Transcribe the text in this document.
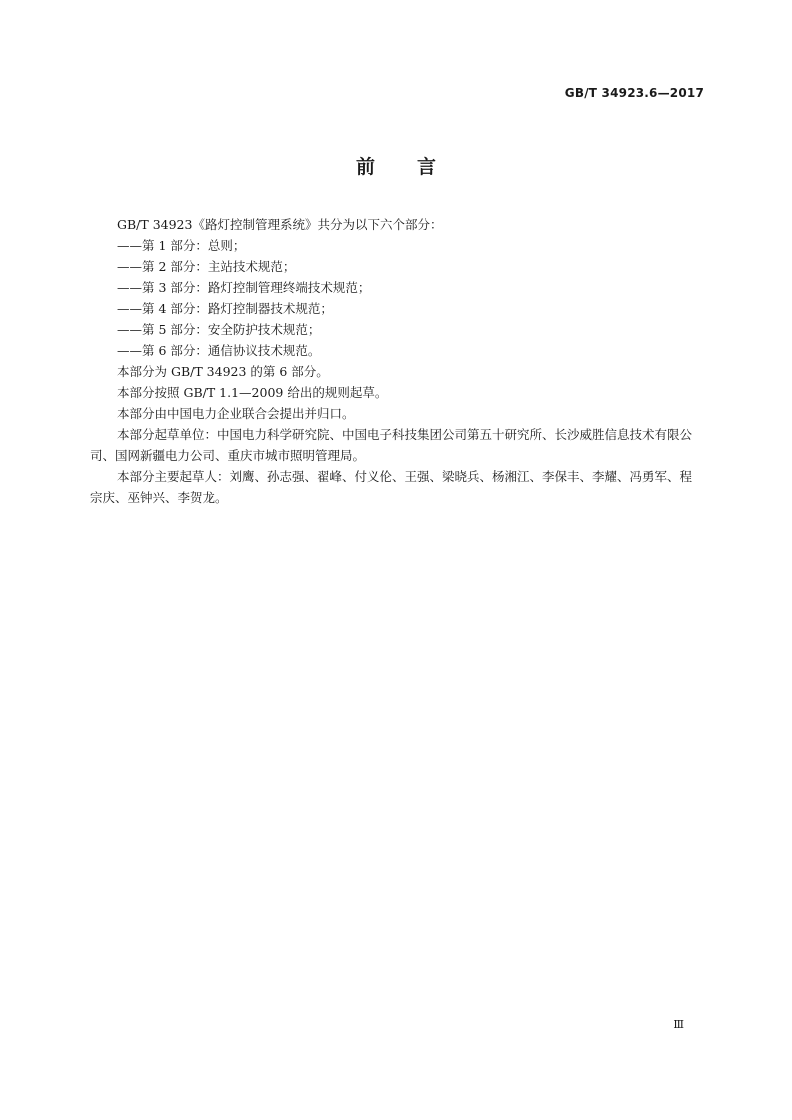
GB/T 34923.6—2017
前言

GB/T 34923《路灯控制管理系统》共分为以下六个部分：

——第 1 部分：总则；

——第 2 部分：主站技术规范；

——第 3 部分：路灯控制管理终端技术规范；

——第 4 部分：路灯控制器技术规范；

——第 5 部分：安全防护技术规范；

——第 6 部分：通信协议技术规范。

本部分为 GB/T 34923 的第 6 部分。

本部分按照 GB/T 1.1—2009 给出的规则起草。

本部分由中国电力企业联合会提出并归口。

本部分起草单位：中国电力科学研究院、中国电子科技集团公司第五十研究所、长沙威胜信息技术有限公司、国网新疆电力公司、重庆市城市照明管理局。

本部分主要起草人：刘鹰、孙志强、翟峰、付义伦、王强、梁晓兵、杨湘江、李保丰、李耀、冯勇军、程宗庆、巫钟兴、李贺龙。

Ⅲ
